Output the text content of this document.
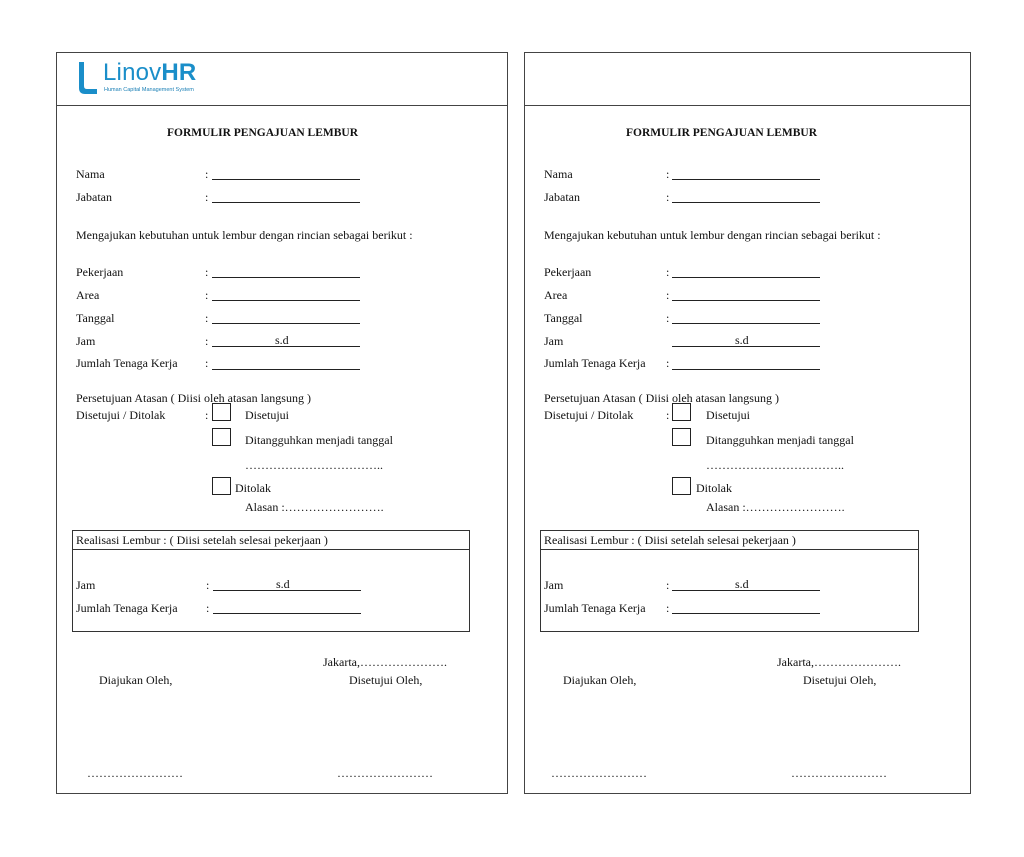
LinovHR
Human Capital Management System
FORMULIR PENGAJUAN LEMBUR
Nama	:
Jabatan	:
Mengajukan kebutuhan untuk lembur dengan rincian sebagai berikut :
Pekerjaan	:
Area	:
Tanggal	:
Jam	:	s.d
Jumlah Tenaga Kerja :
Persetujuan Atasan ( Diisi oleh atasan langsung )
Disetujui / Ditolak	:	Disetujui
Ditangguhkan menjadi tanggal
……………………………..
Ditolak
Alasan :…………………….
Realisasi Lembur : ( Diisi setelah selesai pekerjaan )
Jam	:	s.d
Jumlah Tenaga Kerja :
Jakarta,………………….
Diajukan Oleh,	Disetujui Oleh,
……………………	……………………
FORMULIR PENGAJUAN LEMBUR
Nama	:
Jabatan	:
Mengajukan kebutuhan untuk lembur dengan rincian sebagai berikut :
Pekerjaan	:
Area	:
Tanggal	:
Jam	s.d
Jumlah Tenaga Kerja :
Persetujuan Atasan ( Diisi oleh atasan langsung )
Disetujui / Ditolak	:	Disetujui
Ditangguhkan menjadi tanggal
……………………………..
Ditolak
Alasan :…………………….
Realisasi Lembur : ( Diisi setelah selesai pekerjaan )
Jam	:	s.d
Jumlah Tenaga Kerja :
Jakarta,………………….
Diajukan Oleh,	Disetujui Oleh,
……………………	……………………
